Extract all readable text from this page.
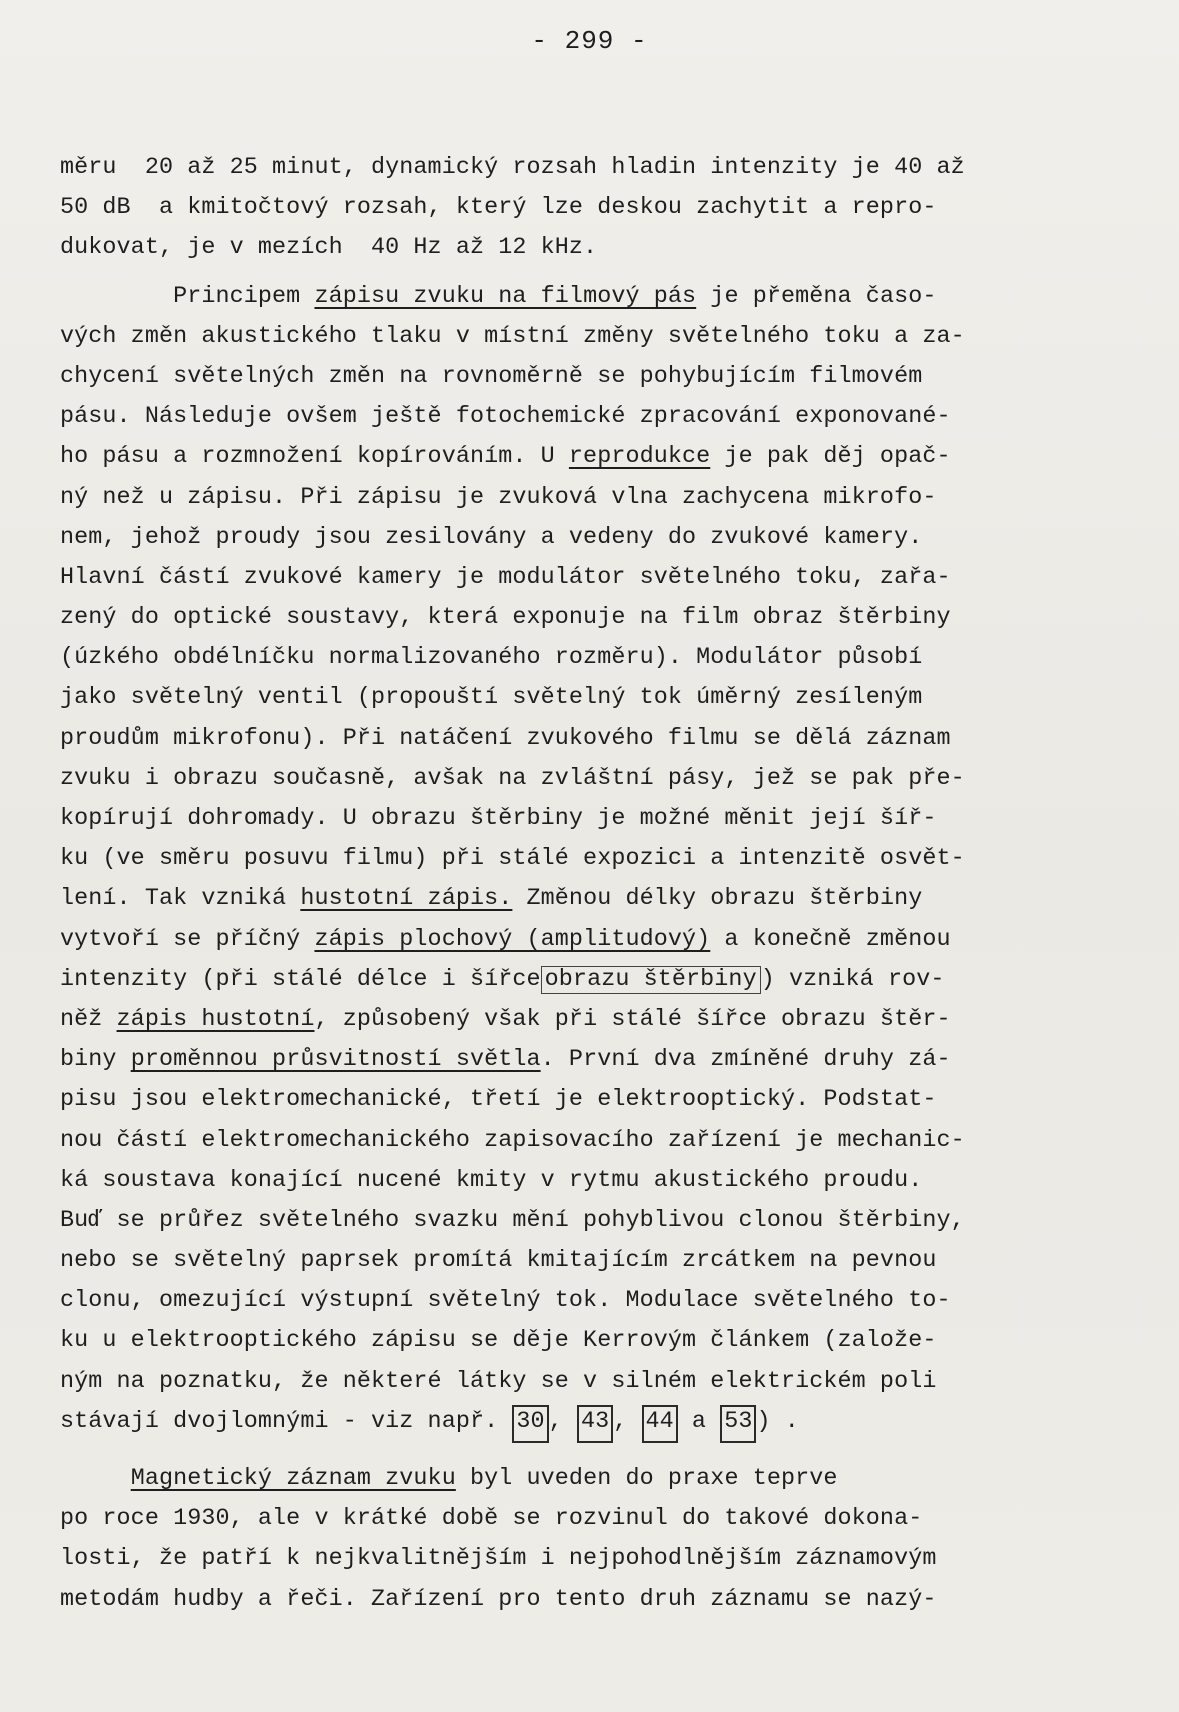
- 299 -
měru  20 až 25 minut, dynamický rozsah hladin intenzity je 40 až
50 dB  a kmitočtový rozsah, který lze deskou zachytit a repro-
dukovat, je v mezích  40 Hz až 12 kHz.
Principem zápisu zvuku na filmový pás je přeměna časo-
vých změn akustického tlaku v místní změny světelného toku a za-
chycení světelných změn na rovnoměrně se pohybujícím filmovém
pásu. Následuje ovšem ještě fotochemické zpracování exponované-
ho pásu a rozmnožení kopírováním. U reprodukce je pak děj opač-
ný než u zápisu. Při zápisu je zvuková vlna zachycena mikrofo-
nem, jehož proudy jsou zesilovány a vedeny do zvukové kamery.
Hlavní částí zvukové kamery je modulátor světelného toku, zařa-
zený do optické soustavy, která exponuje na film obraz štěrbiny
(úzkého obdélníčku normalizovaného rozměru). Modulátor působí
jako světelný ventil (propouští světelný tok úměrný zesíleným
proudům mikrofonu). Při natáčení zvukového filmu se dělá záznam
zvuku i obrazu současně, avšak na zvláštní pásy, jež se pak pře-
kopírují dohromady. U obrazu štěrbiny je možné měnit její šíř-
ku (ve směru posuvu filmu) při stálé expozici a intenzitě osvět-
lení. Tak vzniká hustotní zápis. Změnou délky obrazu štěrbiny
vytvoří se příčný zápis plochový (amplitudový) a konečně změnou
intenzity (při stálé délce i šířce obrazu štěrbiny ) vzniká rov-
něž zápis hustotní, způsobený však při stálé šířce obrazu štěr-
biny proměnnou průsvitností světla. První dva zmíněné druhy zá-
pisu jsou elektromechanické, třetí je elektrooptický. Podstat-
nou částí elektromechanického zapisovacího zařízení je mechanic-
ká soustava konající nucené kmity v rytmu akustického proudu.
Buď se průřez světelného svazku mění pohyblivou clonou štěrbiny,
nebo se světelný paprsek promítá kmitajícím zrcátkem na pevnou
clonu, omezující výstupní světelný tok. Modulace světelného to-
ku u elektrooptického zápisu se děje Kerrovým článkem (založe-
ným na poznatku, že některé látky se v silném elektrickém poli
stávají dvojlomnými - viz např. 30 , 43 , 44 a 53 ) .
Magnetický záznam zvuku byl uveden do praxe teprve
po roce 1930, ale v krátké době se rozvinul do takové dokona-
losti, že patří k nejkvalitnějším i nejpohodlnějším záznamovým
metodám hudby a řeči. Zařízení pro tento druh záznamu se nazý-
